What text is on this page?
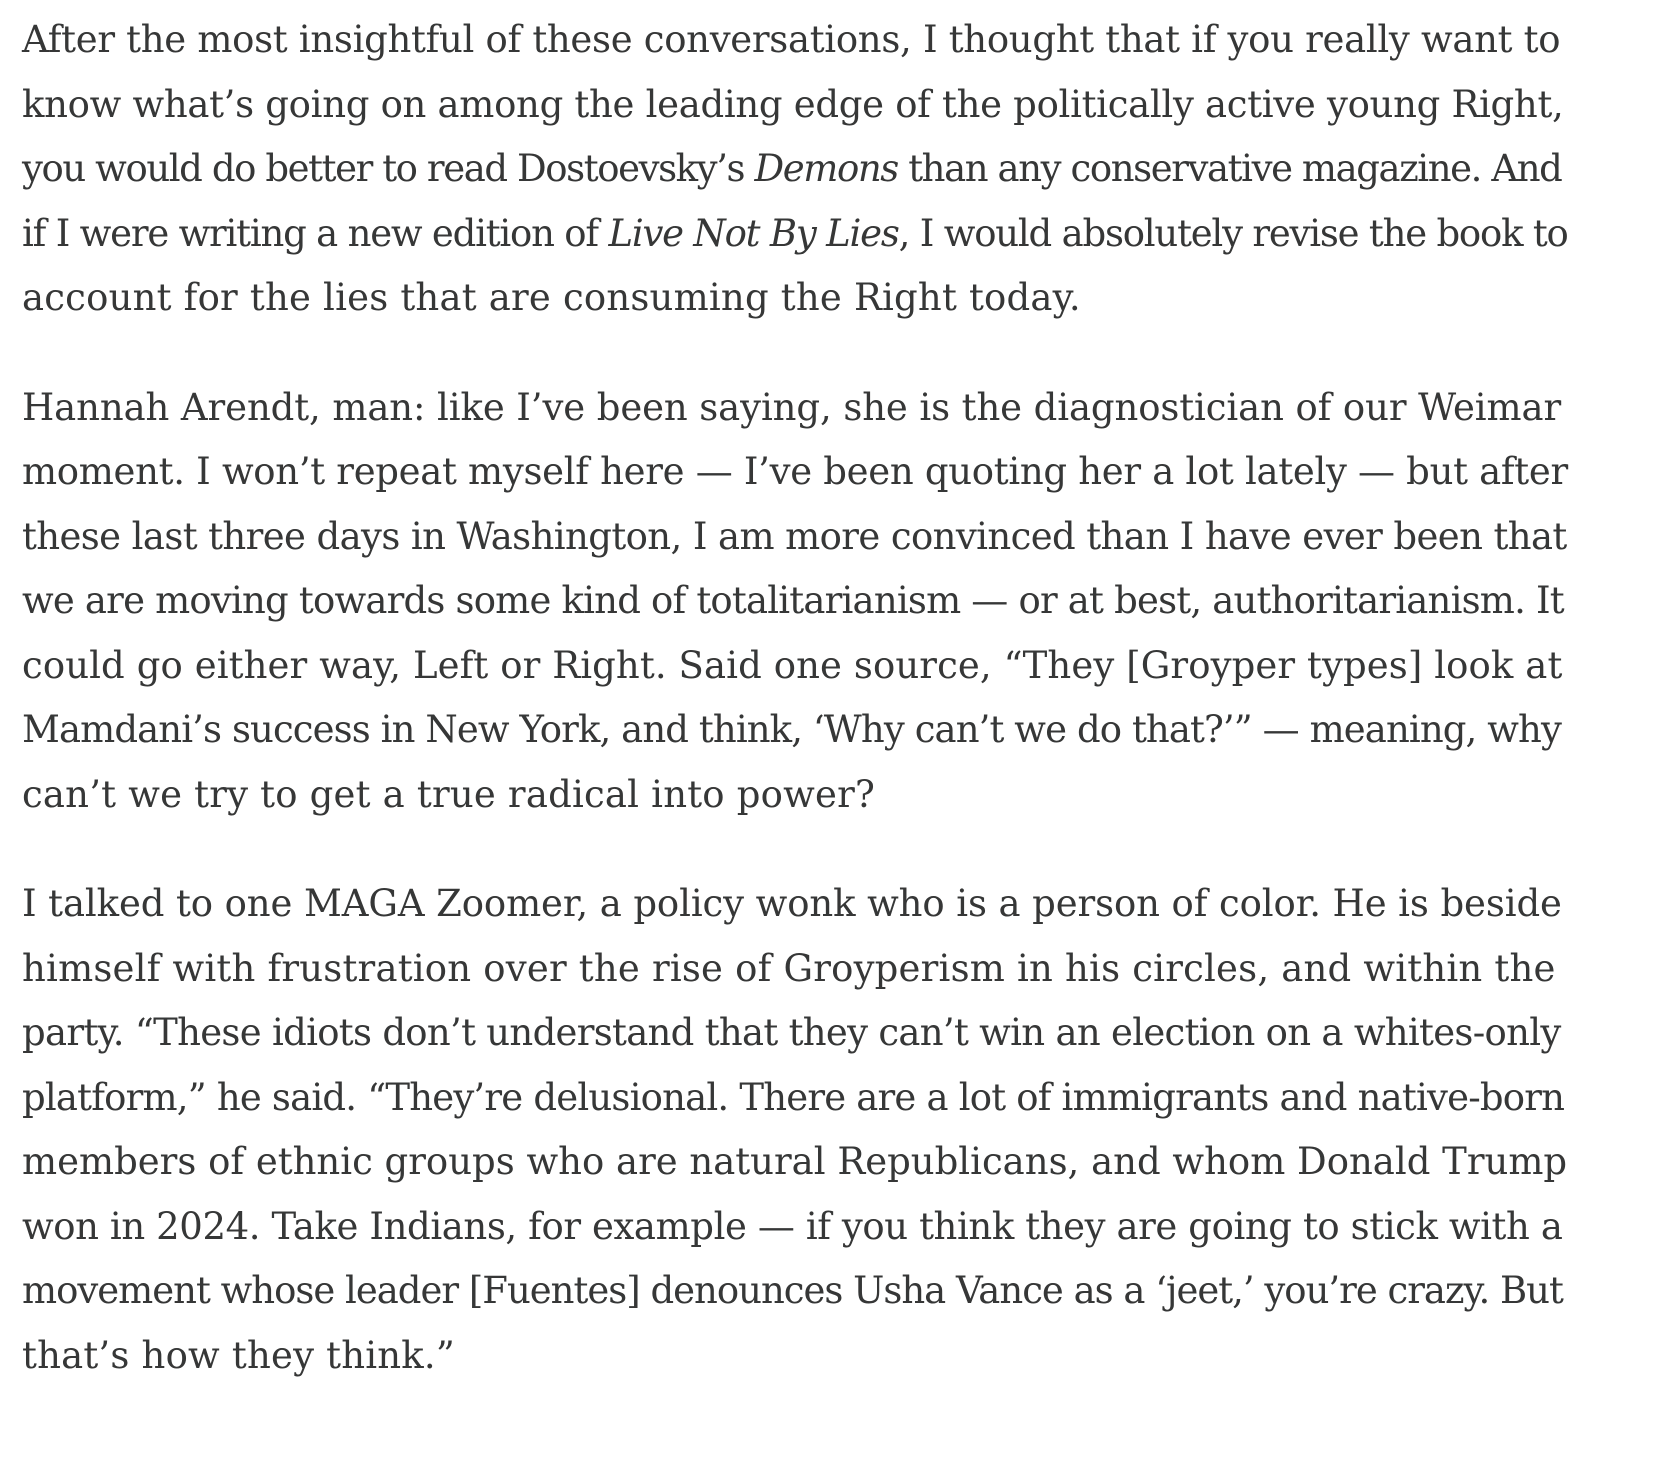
After the most insightful of these conversations, I thought that if you really want to
know what’s going on among the leading edge of the politically active young Right,
you would do better to read Dostoevsky’s Demons than any conservative magazine. And
if I were writing a new edition of Live Not By Lies, I would absolutely revise the book to
account for the lies that are consuming the Right today.

Hannah Arendt, man: like I’ve been saying, she is the diagnostician of our Weimar
moment. I won’t repeat myself here — I’ve been quoting her a lot lately — but after
these last three days in Washington, I am more convinced than I have ever been that
we are moving towards some kind of totalitarianism — or at best, authoritarianism. It
could go either way, Left or Right. Said one source, “They [Groyper types] look at
Mamdani’s success in New York, and think, ‘Why can’t we do that?’” — meaning, why
can’t we try to get a true radical into power?

I talked to one MAGA Zoomer, a policy wonk who is a person of color. He is beside
himself with frustration over the rise of Groyperism in his circles, and within the
party. “These idiots don’t understand that they can’t win an election on a whites-only
platform,” he said. “They’re delusional. There are a lot of immigrants and native-born
members of ethnic groups who are natural Republicans, and whom Donald Trump
won in 2024. Take Indians, for example — if you think they are going to stick with a
movement whose leader [Fuentes] denounces Usha Vance as a ‘jeet,’ you’re crazy. But
that’s how they think.”
